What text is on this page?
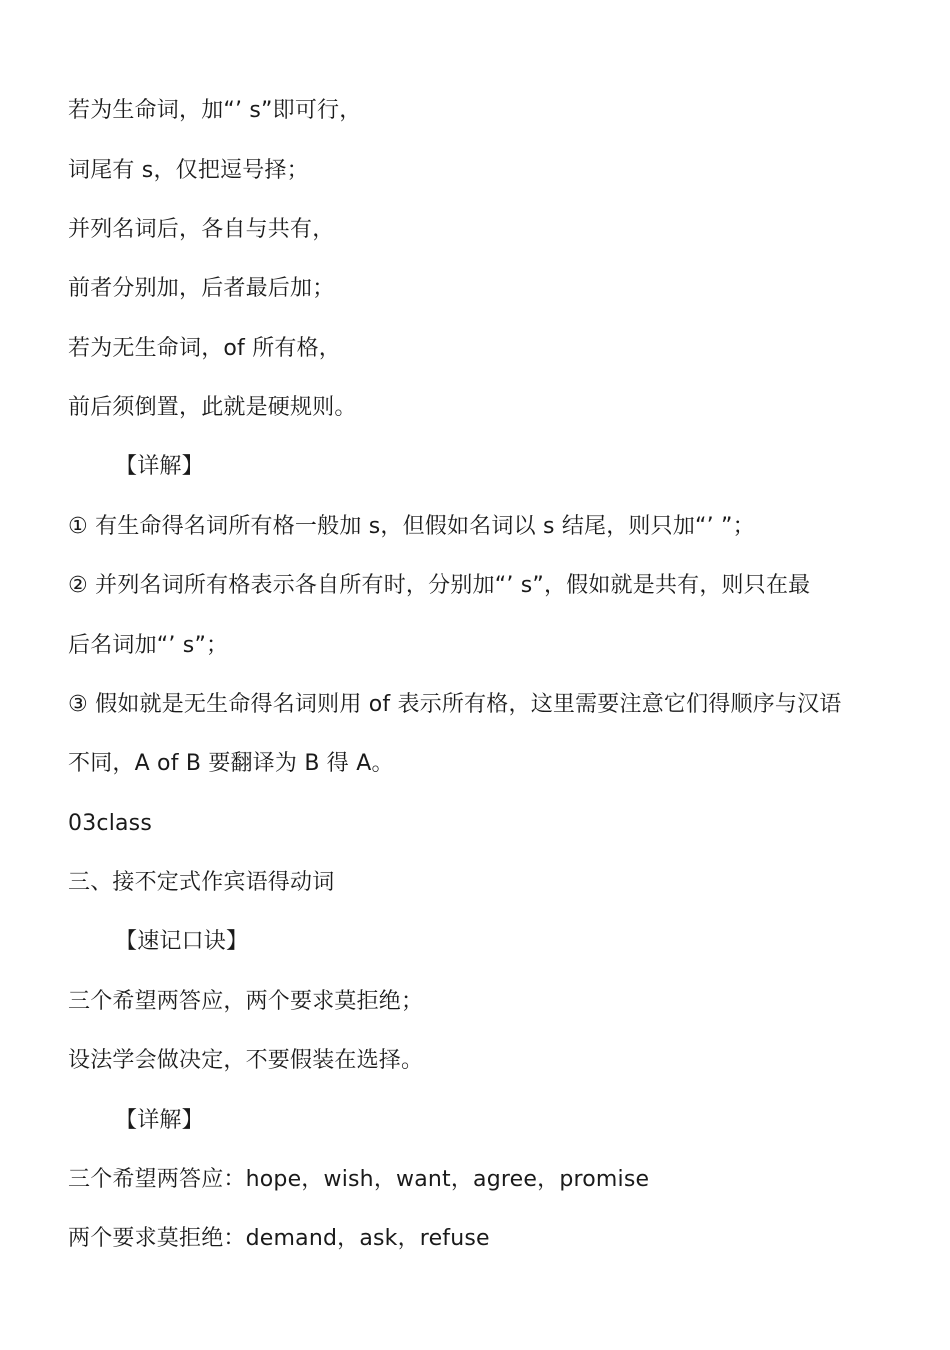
若为生命词，加“’ s”即可行，
词尾有 s，仅把逗号择；
并列名词后，各自与共有，
前者分别加，后者最后加；
若为无生命词，of 所有格，
前后须倒置，此就是硬规则。
【详解】
① 有生命得名词所有格一般加 s，但假如名词以 s 结尾，则只加“’ ”；
② 并列名词所有格表示各自所有时，分别加“’ s”，假如就是共有，则只在最
后名词加“’ s”；
③ 假如就是无生命得名词则用 of 表示所有格，这里需要注意它们得顺序与汉语
不同，A of B 要翻译为 B 得 A。
03class
三、接不定式作宾语得动词
【速记口诀】
三个希望两答应，两个要求莫拒绝；
设法学会做决定，不要假装在选择。
【详解】
三个希望两答应：hope，wish，want，agree，promise
两个要求莫拒绝：demand，ask，refuse
